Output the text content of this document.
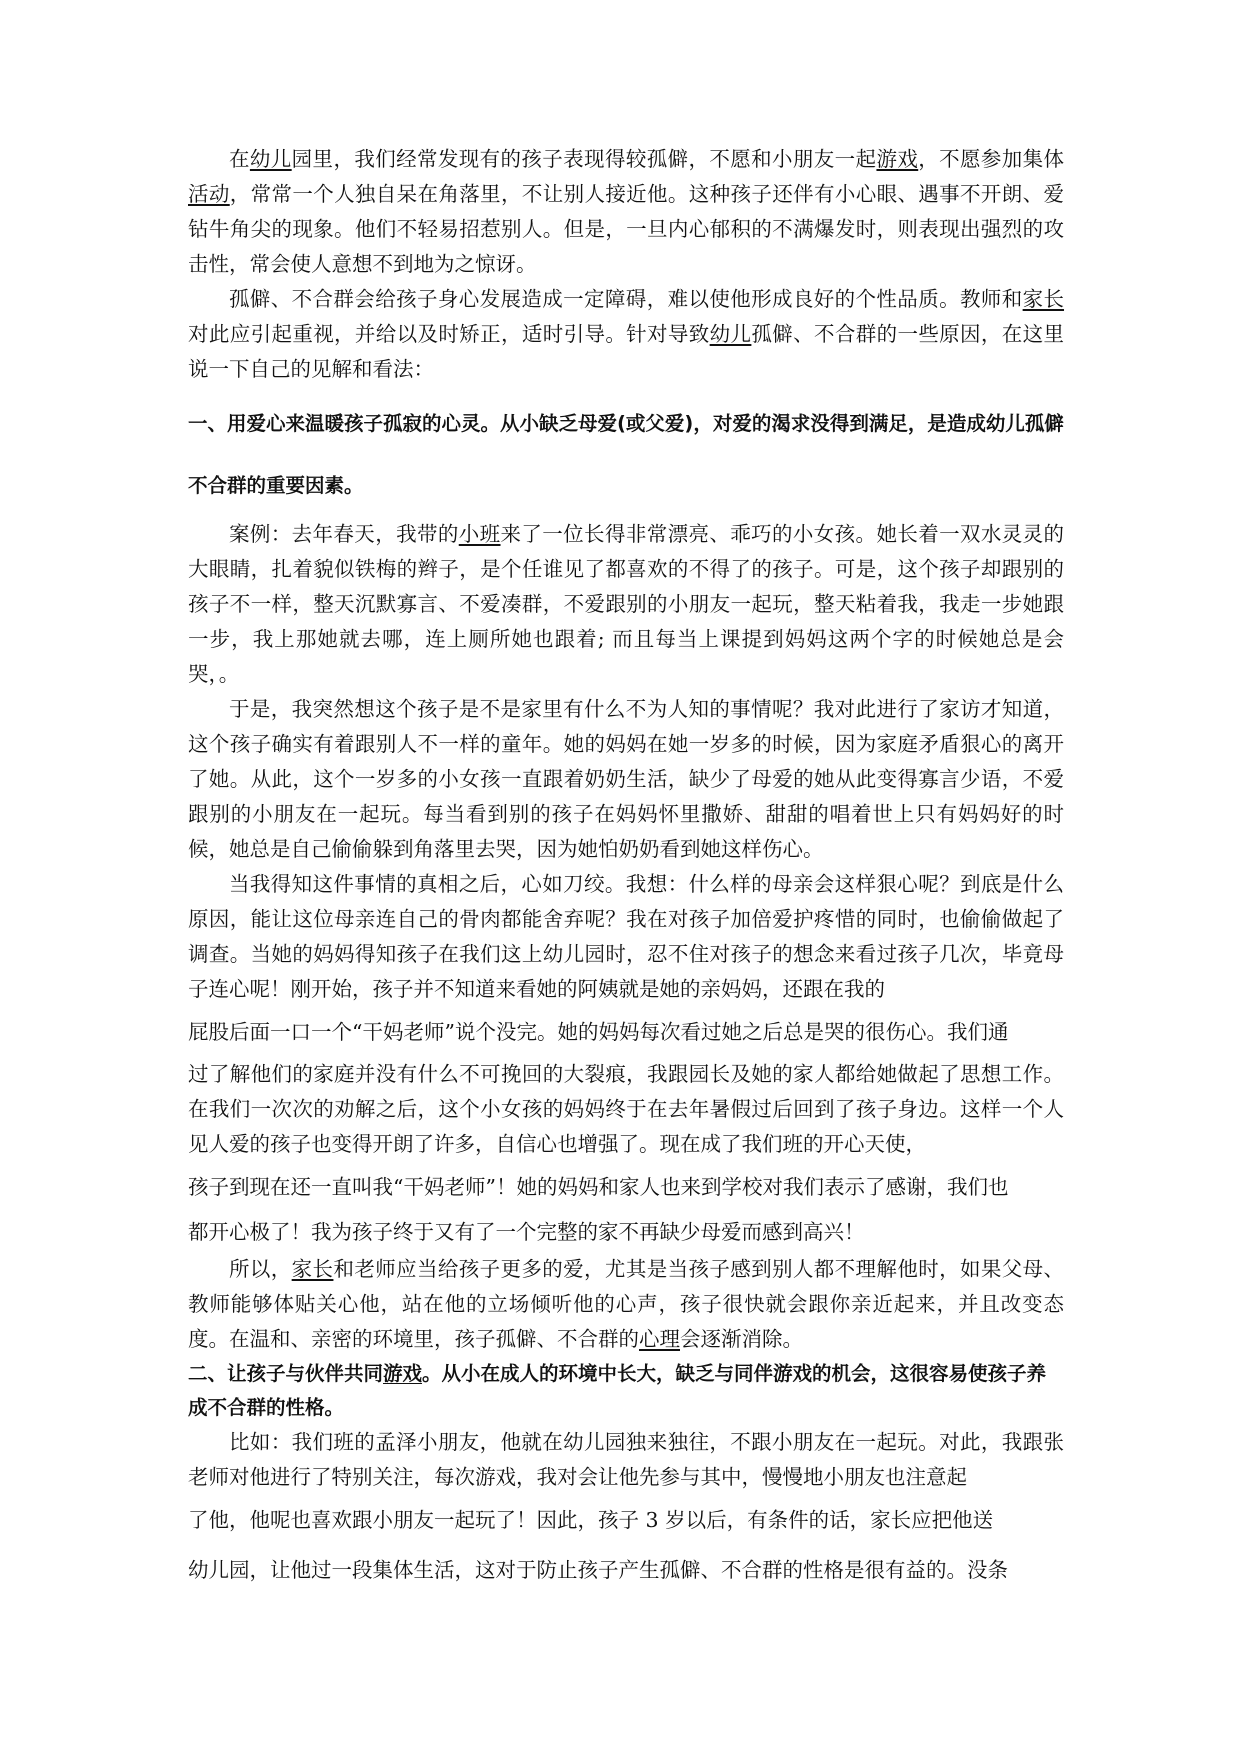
在幼儿园里，我们经常发现有的孩子表现得较孤僻，不愿和小朋友一起游戏，不愿参加集体活动，常常一个人独自呆在角落里，不让别人接近他。这种孩子还伴有小心眼、遇事不开朗、爱钻牛角尖的现象。他们不轻易招惹别人。但是，一旦内心郁积的不满爆发时，则表现出强烈的攻击性，常会使人意想不到地为之惊讶。

孤僻、不合群会给孩子身心发展造成一定障碍，难以使他形成良好的个性品质。教师和家长对此应引起重视，并给以及时矫正，适时引导。针对导致幼儿孤僻、不合群的一些原因，在这里说一下自己的见解和看法：

一、用爱心来温暖孩子孤寂的心灵。从小缺乏母爱(或父爱)，对爱的渴求没得到满足，是造成幼儿孤僻不合群的重要因素。

案例：去年春天，我带的小班来了一位长得非常漂亮、乖巧的小女孩。她长着一双水灵灵的大眼睛，扎着貌似铁梅的辫子，是个任谁见了都喜欢的不得了的孩子。可是，这个孩子却跟别的孩子不一样，整天沉默寡言、不爱凑群，不爱跟别的小朋友一起玩，整天粘着我，我走一步她跟一步，我上那她就去哪，连上厕所她也跟着; 而且每当上课提到妈妈这两个字的时候她总是会哭，。

于是，我突然想这个孩子是不是家里有什么不为人知的事情呢？我对此进行了家访才知道，这个孩子确实有着跟别人不一样的童年。她的妈妈在她一岁多的时候，因为家庭矛盾狠心的离开了她。从此，这个一岁多的小女孩一直跟着奶奶生活，缺少了母爱的她从此变得寡言少语，不爱跟别的小朋友在一起玩。每当看到别的孩子在妈妈怀里撒娇、甜甜的唱着世上只有妈妈好的时候，她总是自己偷偷躲到角落里去哭，因为她怕奶奶看到她这样伤心。

当我得知这件事情的真相之后，心如刀绞。我想：什么样的母亲会这样狠心呢？到底是什么原因，能让这位母亲连自己的骨肉都能舍弃呢？我在对孩子加倍爱护疼惜的同时，也偷偷做起了调查。当她的妈妈得知孩子在我们这上幼儿园时，忍不住对孩子的想念来看过孩子几次，毕竟母子连心呢！刚开始，孩子并不知道来看她的阿姨就是她的亲妈妈，还跟在我的

屁股后面一口一个“干妈老师”说个没完。她的妈妈每次看过她之后总是哭的很伤心。我们通

过了解他们的家庭并没有什么不可挽回的大裂痕，我跟园长及她的家人都给她做起了思想工作。在我们一次次的劝解之后，这个小女孩的妈妈终于在去年暑假过后回到了孩子身边。这样一个人见人爱的孩子也变得开朗了许多，自信心也增强了。现在成了我们班的开心天使，

孩子到现在还一直叫我“干妈老师”！她的妈妈和家人也来到学校对我们表示了感谢，我们也

都开心极了！我为孩子终于又有了一个完整的家不再缺少母爱而感到高兴！

所以，家长和老师应当给孩子更多的爱，尤其是当孩子感到别人都不理解他时，如果父母、教师能够体贴关心他，站在他的立场倾听他的心声，孩子很快就会跟你亲近起来，并且改变态度。在温和、亲密的环境里，孩子孤僻、不合群的心理会逐渐消除。

二、让孩子与伙伴共同游戏。从小在成人的环境中长大，缺乏与同伴游戏的机会，这很容易使孩子养成不合群的性格。

比如：我们班的孟泽小朋友，他就在幼儿园独来独往，不跟小朋友在一起玩。对此，我跟张老师对他进行了特别关注，每次游戏，我对会让他先参与其中，慢慢地小朋友也注意起

了他，他呢也喜欢跟小朋友一起玩了！因此，孩子 3 岁以后，有条件的话，家长应把他送

幼儿园，让他过一段集体生活，这对于防止孩子产生孤僻、不合群的性格是很有益的。没条
